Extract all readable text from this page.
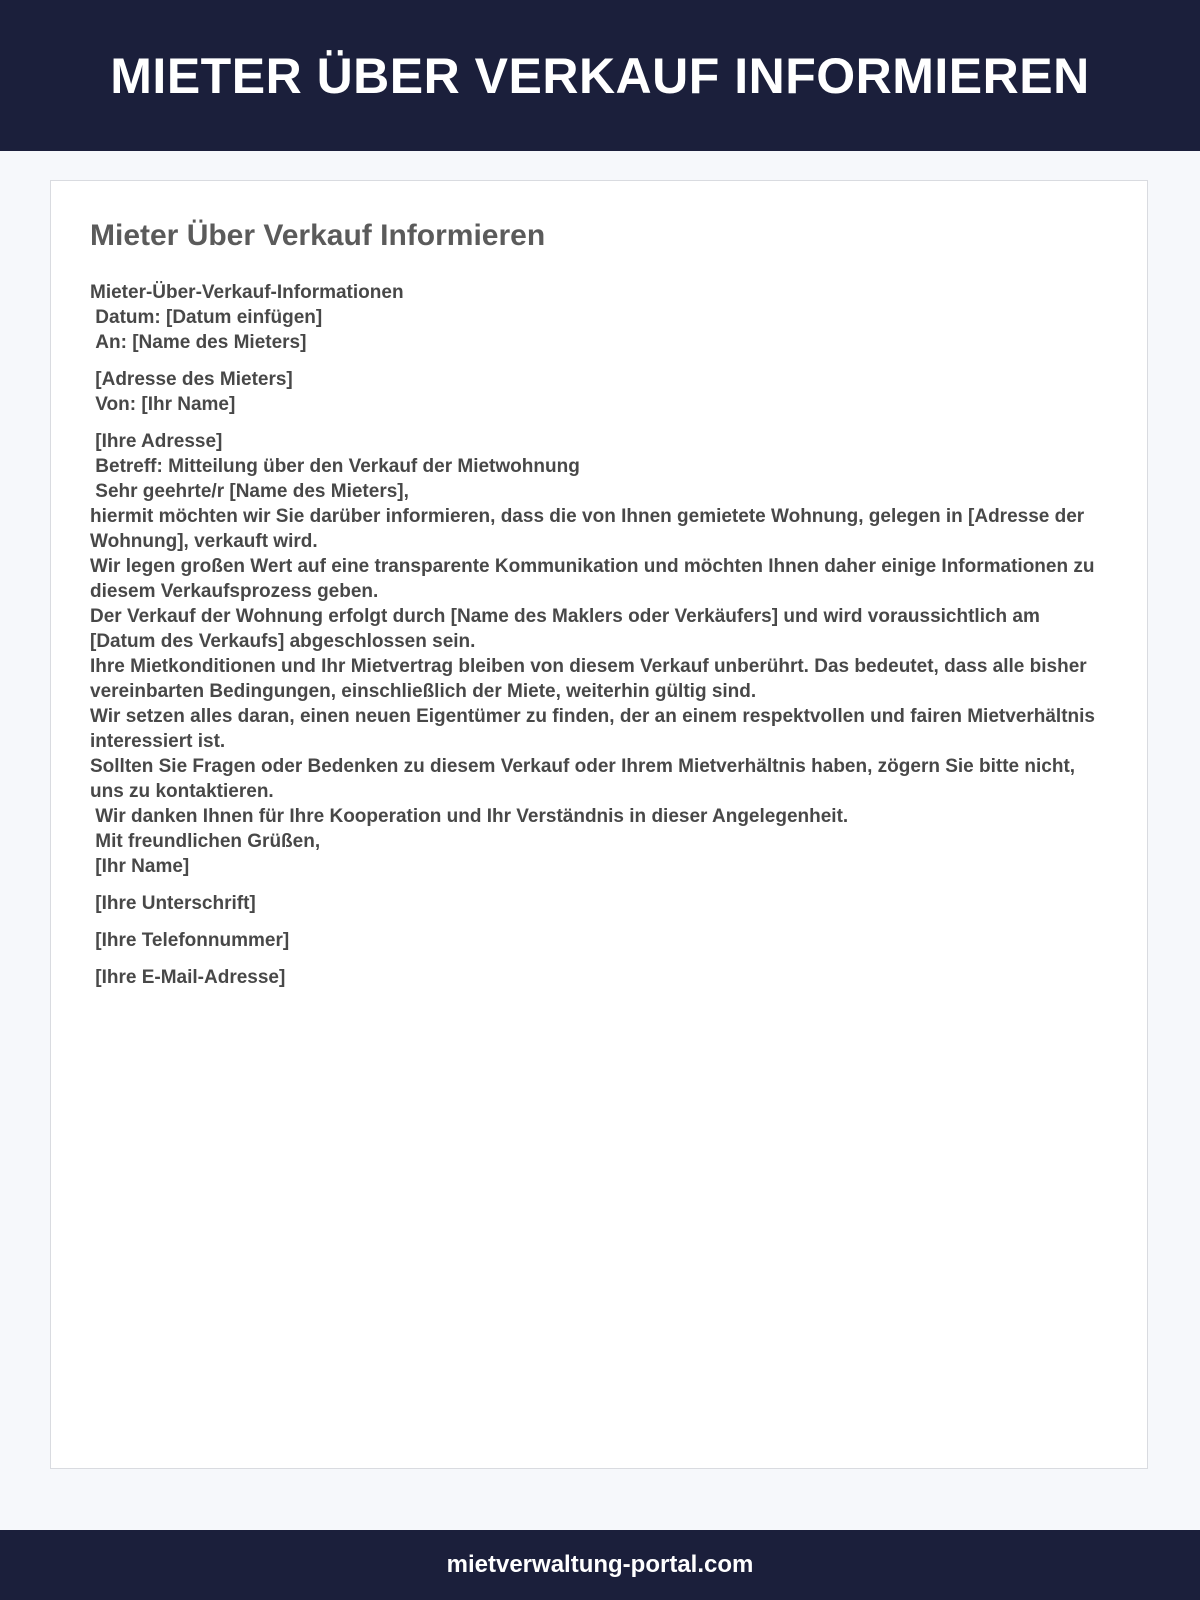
MIETER ÜBER VERKAUF INFORMIEREN
Mieter Über Verkauf Informieren
Mieter-Über-Verkauf-Informationen
Datum: [Datum einfügen]
An: [Name des Mieters]
[Adresse des Mieters]
Von: [Ihr Name]
[Ihre Adresse]
Betreff: Mitteilung über den Verkauf der Mietwohnung
Sehr geehrte/r [Name des Mieters],
hiermit möchten wir Sie darüber informieren, dass die von Ihnen gemietete Wohnung, gelegen in [Adresse der Wohnung], verkauft wird.
Wir legen großen Wert auf eine transparente Kommunikation und möchten Ihnen daher einige Informationen zu diesem Verkaufsprozess geben.
Der Verkauf der Wohnung erfolgt durch [Name des Maklers oder Verkäufers] und wird voraussichtlich am [Datum des Verkaufs] abgeschlossen sein.
Ihre Mietkonditionen und Ihr Mietvertrag bleiben von diesem Verkauf unberührt. Das bedeutet, dass alle bisher vereinbarten Bedingungen, einschließlich der Miete, weiterhin gültig sind.
Wir setzen alles daran, einen neuen Eigentümer zu finden, der an einem respektvollen und fairen Mietverhältnis interessiert ist.
Sollten Sie Fragen oder Bedenken zu diesem Verkauf oder Ihrem Mietverhältnis haben, zögern Sie bitte nicht, uns zu kontaktieren.
Wir danken Ihnen für Ihre Kooperation und Ihr Verständnis in dieser Angelegenheit.
Mit freundlichen Grüßen,
[Ihr Name]
[Ihre Unterschrift]
[Ihre Telefonnummer]
[Ihre E-Mail-Adresse]
mietverwaltung-portal.com
